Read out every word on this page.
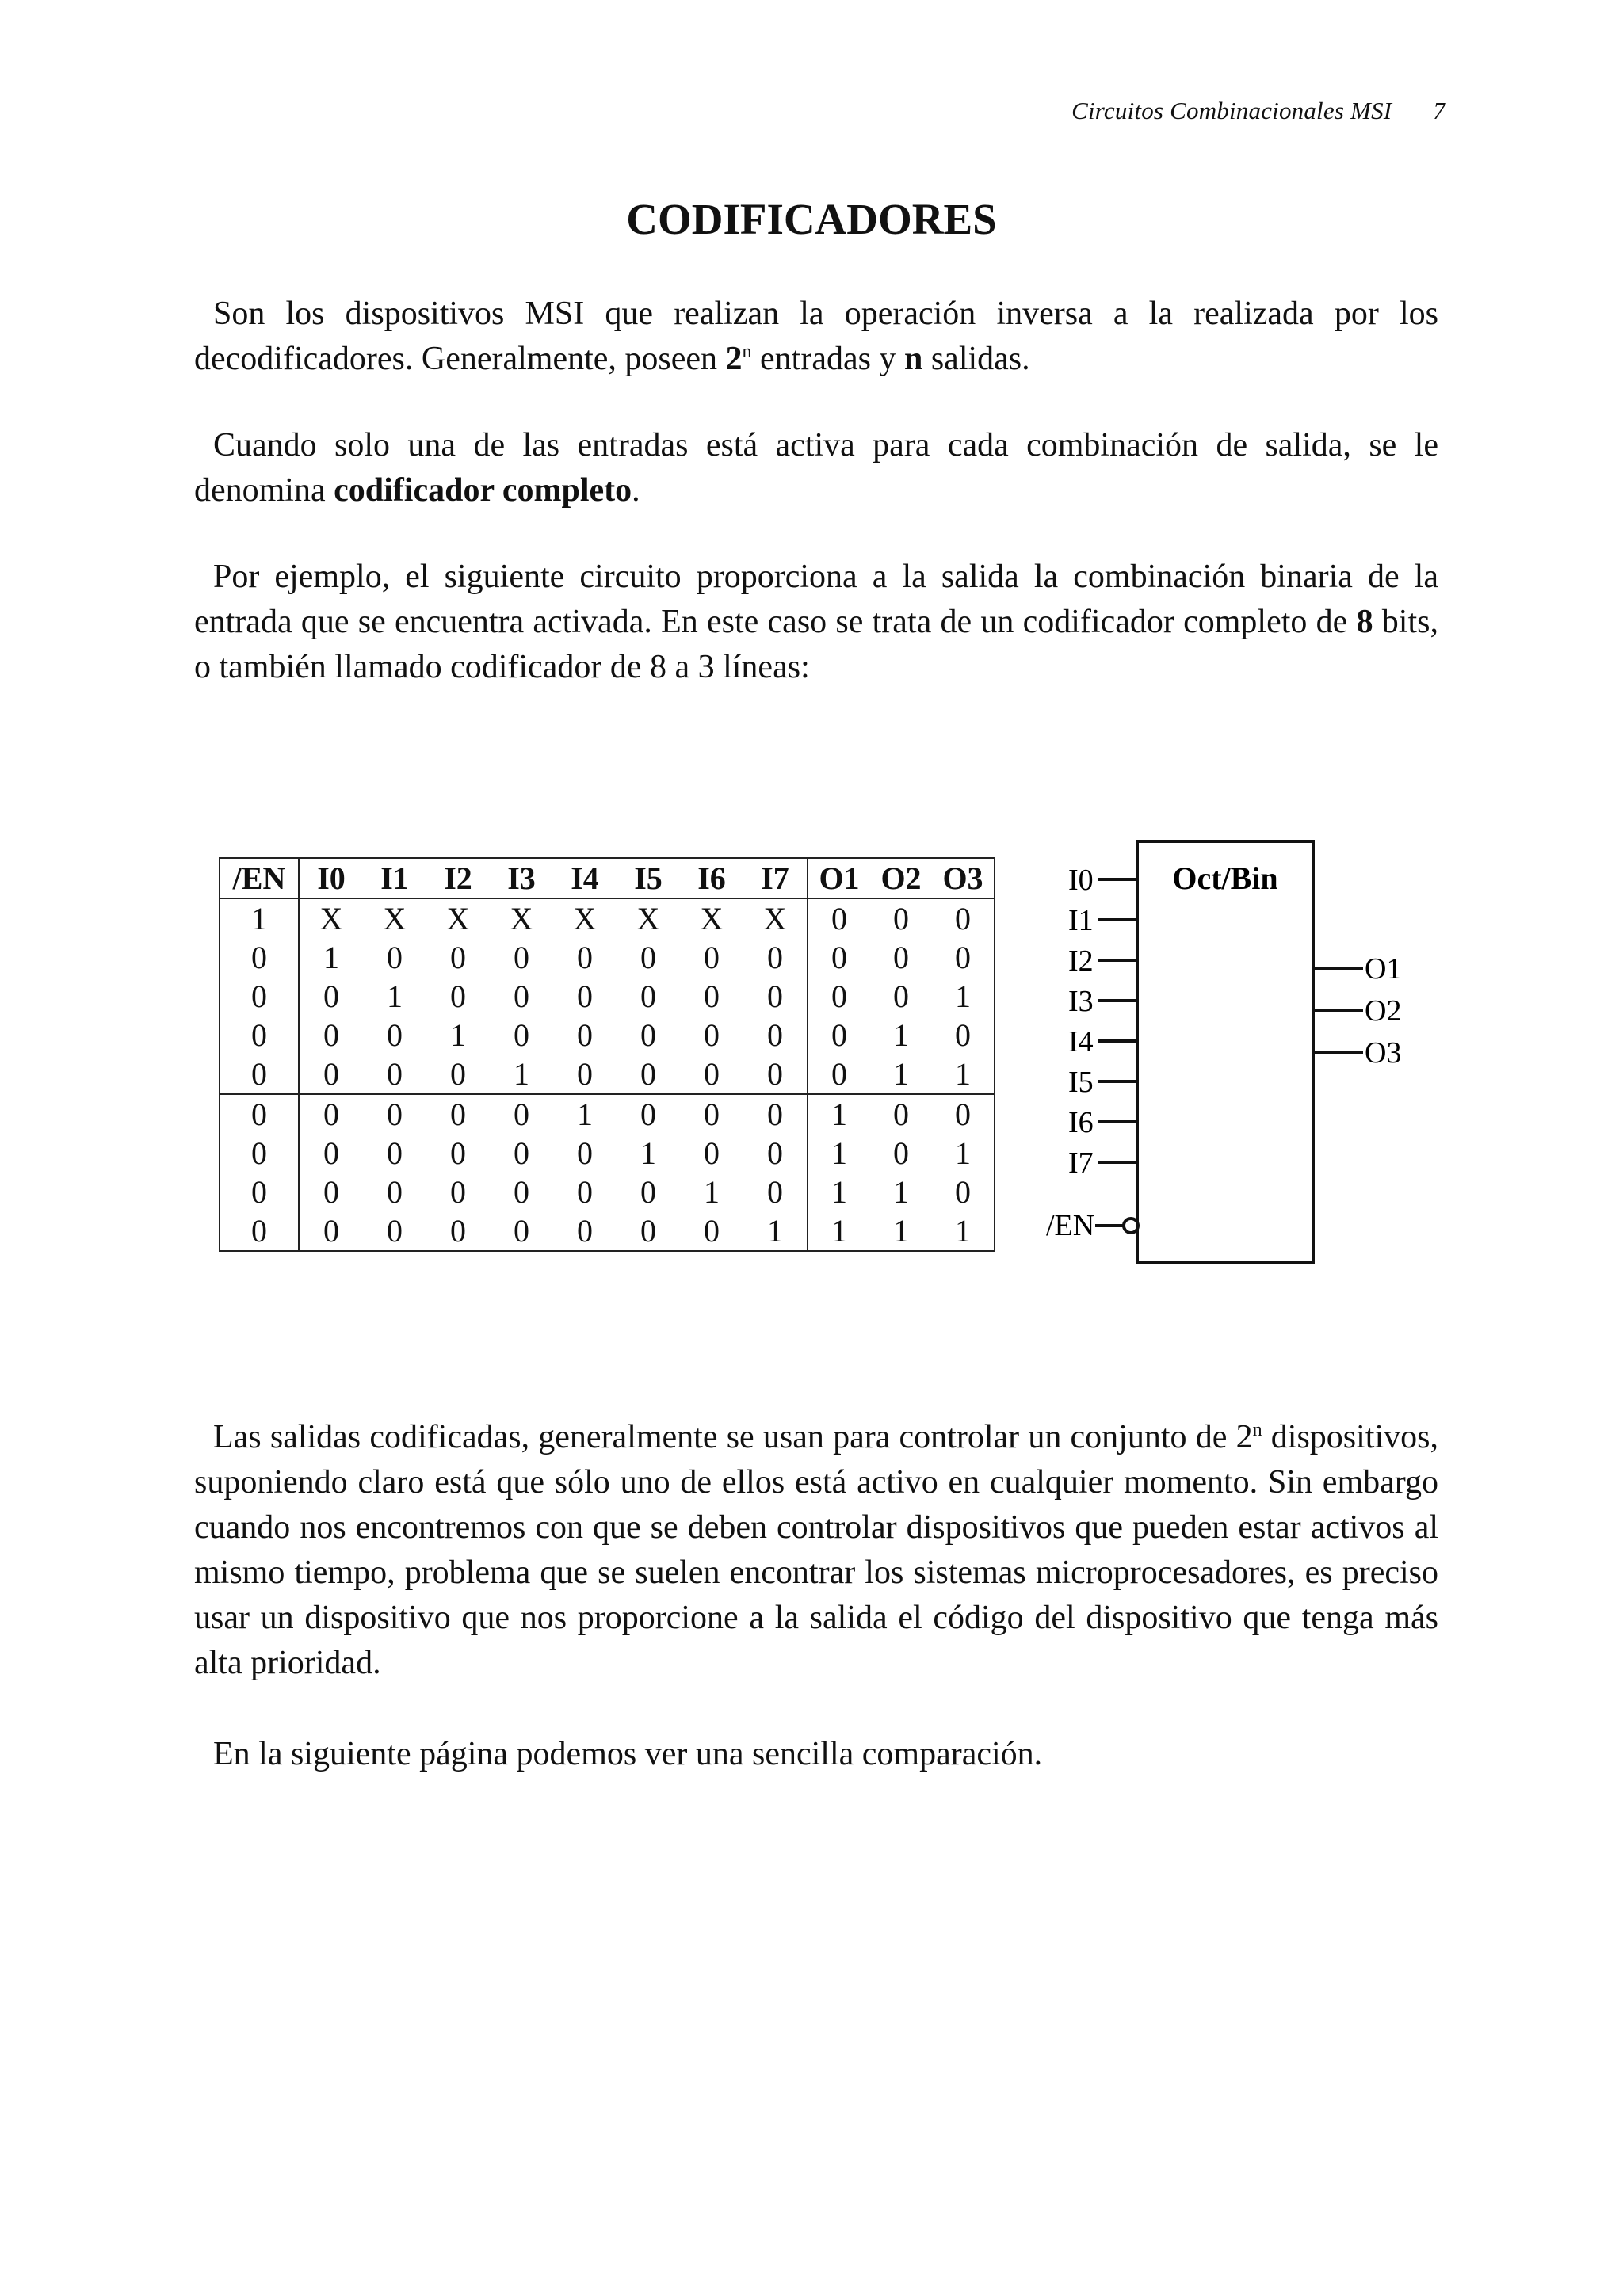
Circuitos Combinacionales MSI 7
CODIFICADORES

Son los dispositivos MSI que realizan la operación inversa a la realizada por los decodificadores. Generalmente, poseen 2$^n$ entradas y n salidas.

Cuando solo una de las entradas está activa para cada combinación de salida, se le denomina codificador completo.

Por ejemplo, el siguiente circuito proporciona a la salida la combinación binaria de la entrada que se encuentra activada. En este caso se trata de un codificador completo de 8 bits, o también llamado codificador de 8 a 3 líneas:

/EN	I0	I1	I2	I3	I4	I5	I6	I7	O1	O2	O3
1	X	X	X	X	X	X	X	X	0	0	0
0	1	0	0	0	0	0	0	0	0	0	0
0	0	1	0	0	0	0	0	0	0	0	1
0	0	0	1	0	0	0	0	0	0	1	0
0	0	0	0	1	0	0	0	0	0	1	1
0	0	0	0	0	1	0	0	0	1	0	0
0	0	0	0	0	0	1	0	0	1	0	1
0	0	0	0	0	0	0	1	0	1	1	0
0	0	0	0	0	0	0	0	1	1	1	1
Oct/Bin
I0
I1
I2
I3
I4
I5
I6
I7
O1
O2
O3
/EN

Las salidas codificadas, generalmente se usan para controlar un conjunto de 2$^n$ dispositivos, suponiendo claro está que sólo uno de ellos está activo en cualquier momento. Sin embargo cuando nos encontremos con que se deben controlar dispositivos que pueden estar activos al mismo tiempo, problema que se suelen encontrar los sistemas microprocesadores, es preciso usar un dispositivo que nos proporcione a la salida el código del dispositivo que tenga más alta prioridad.

En la siguiente página podemos ver una sencilla comparación.
